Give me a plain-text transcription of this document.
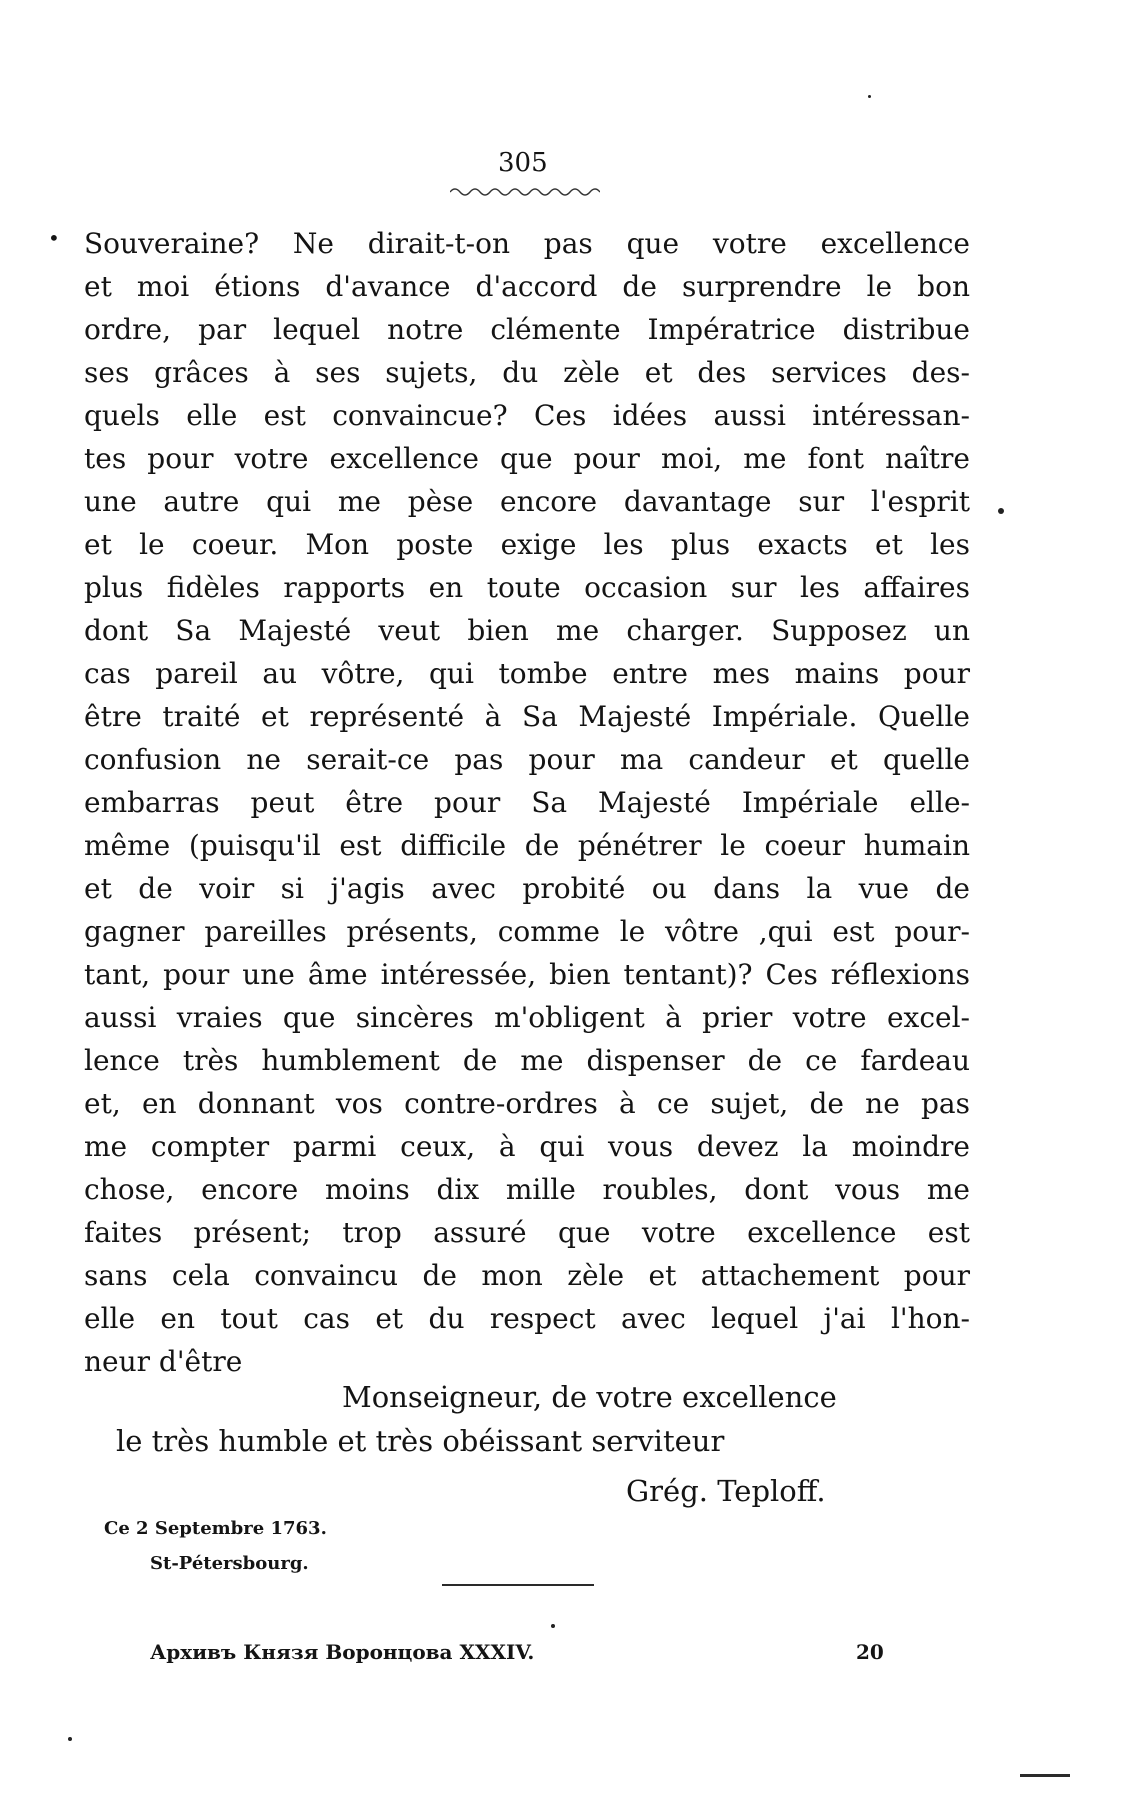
305
• Souveraine? Ne dirait-t-on pas que votre excellence
et moi étions d'avance d'accord de surprendre le bon
ordre, par lequel notre clémente Impératrice distribue
ses grâces à ses sujets, du zèle et des services des-
quels elle est convaincue? Ces idées aussi intéressan-
tes pour votre excellence que pour moi, me font naître
une autre qui me pèse encore davantage sur l'esprit
et le coeur. Mon poste exige les plus exacts et les
plus fidèles rapports en toute occasion sur les affaires
dont Sa Majesté veut bien me charger. Supposez un
cas pareil au vôtre, qui tombe entre mes mains pour
être traité et représenté à Sa Majesté Impériale. Quelle
confusion ne serait-ce pas pour ma candeur et quelle
embarras peut être pour Sa Majesté Impériale elle-
même (puisqu'il est difficile de pénétrer le coeur humain
et de voir si j'agis avec probité ou dans la vue de
gagner pareilles présents, comme le vôtre ,qui est pour-
tant, pour une âme intéressée, bien tentant)? Ces réflexions
aussi vraies que sincères m'obligent à prier votre excel-
lence très humblement de me dispenser de ce fardeau
et, en donnant vos contre-ordres à ce sujet, de ne pas
me compter parmi ceux, à qui vous devez la moindre
chose, encore moins dix mille roubles, dont vous me
faites présent; trop assuré que votre excellence est
sans cela convaincu de mon zèle et attachement pour
elle en tout cas et du respect avec lequel j'ai l'hon-
neur d'être
Monseigneur, de votre excellence
le très humble et très obéissant serviteur
Grég. Teploff.
Ce 2 Septembre 1763.
St-Pétersbourg.
Архивъ Князя Воронцова XXXIV.	20
